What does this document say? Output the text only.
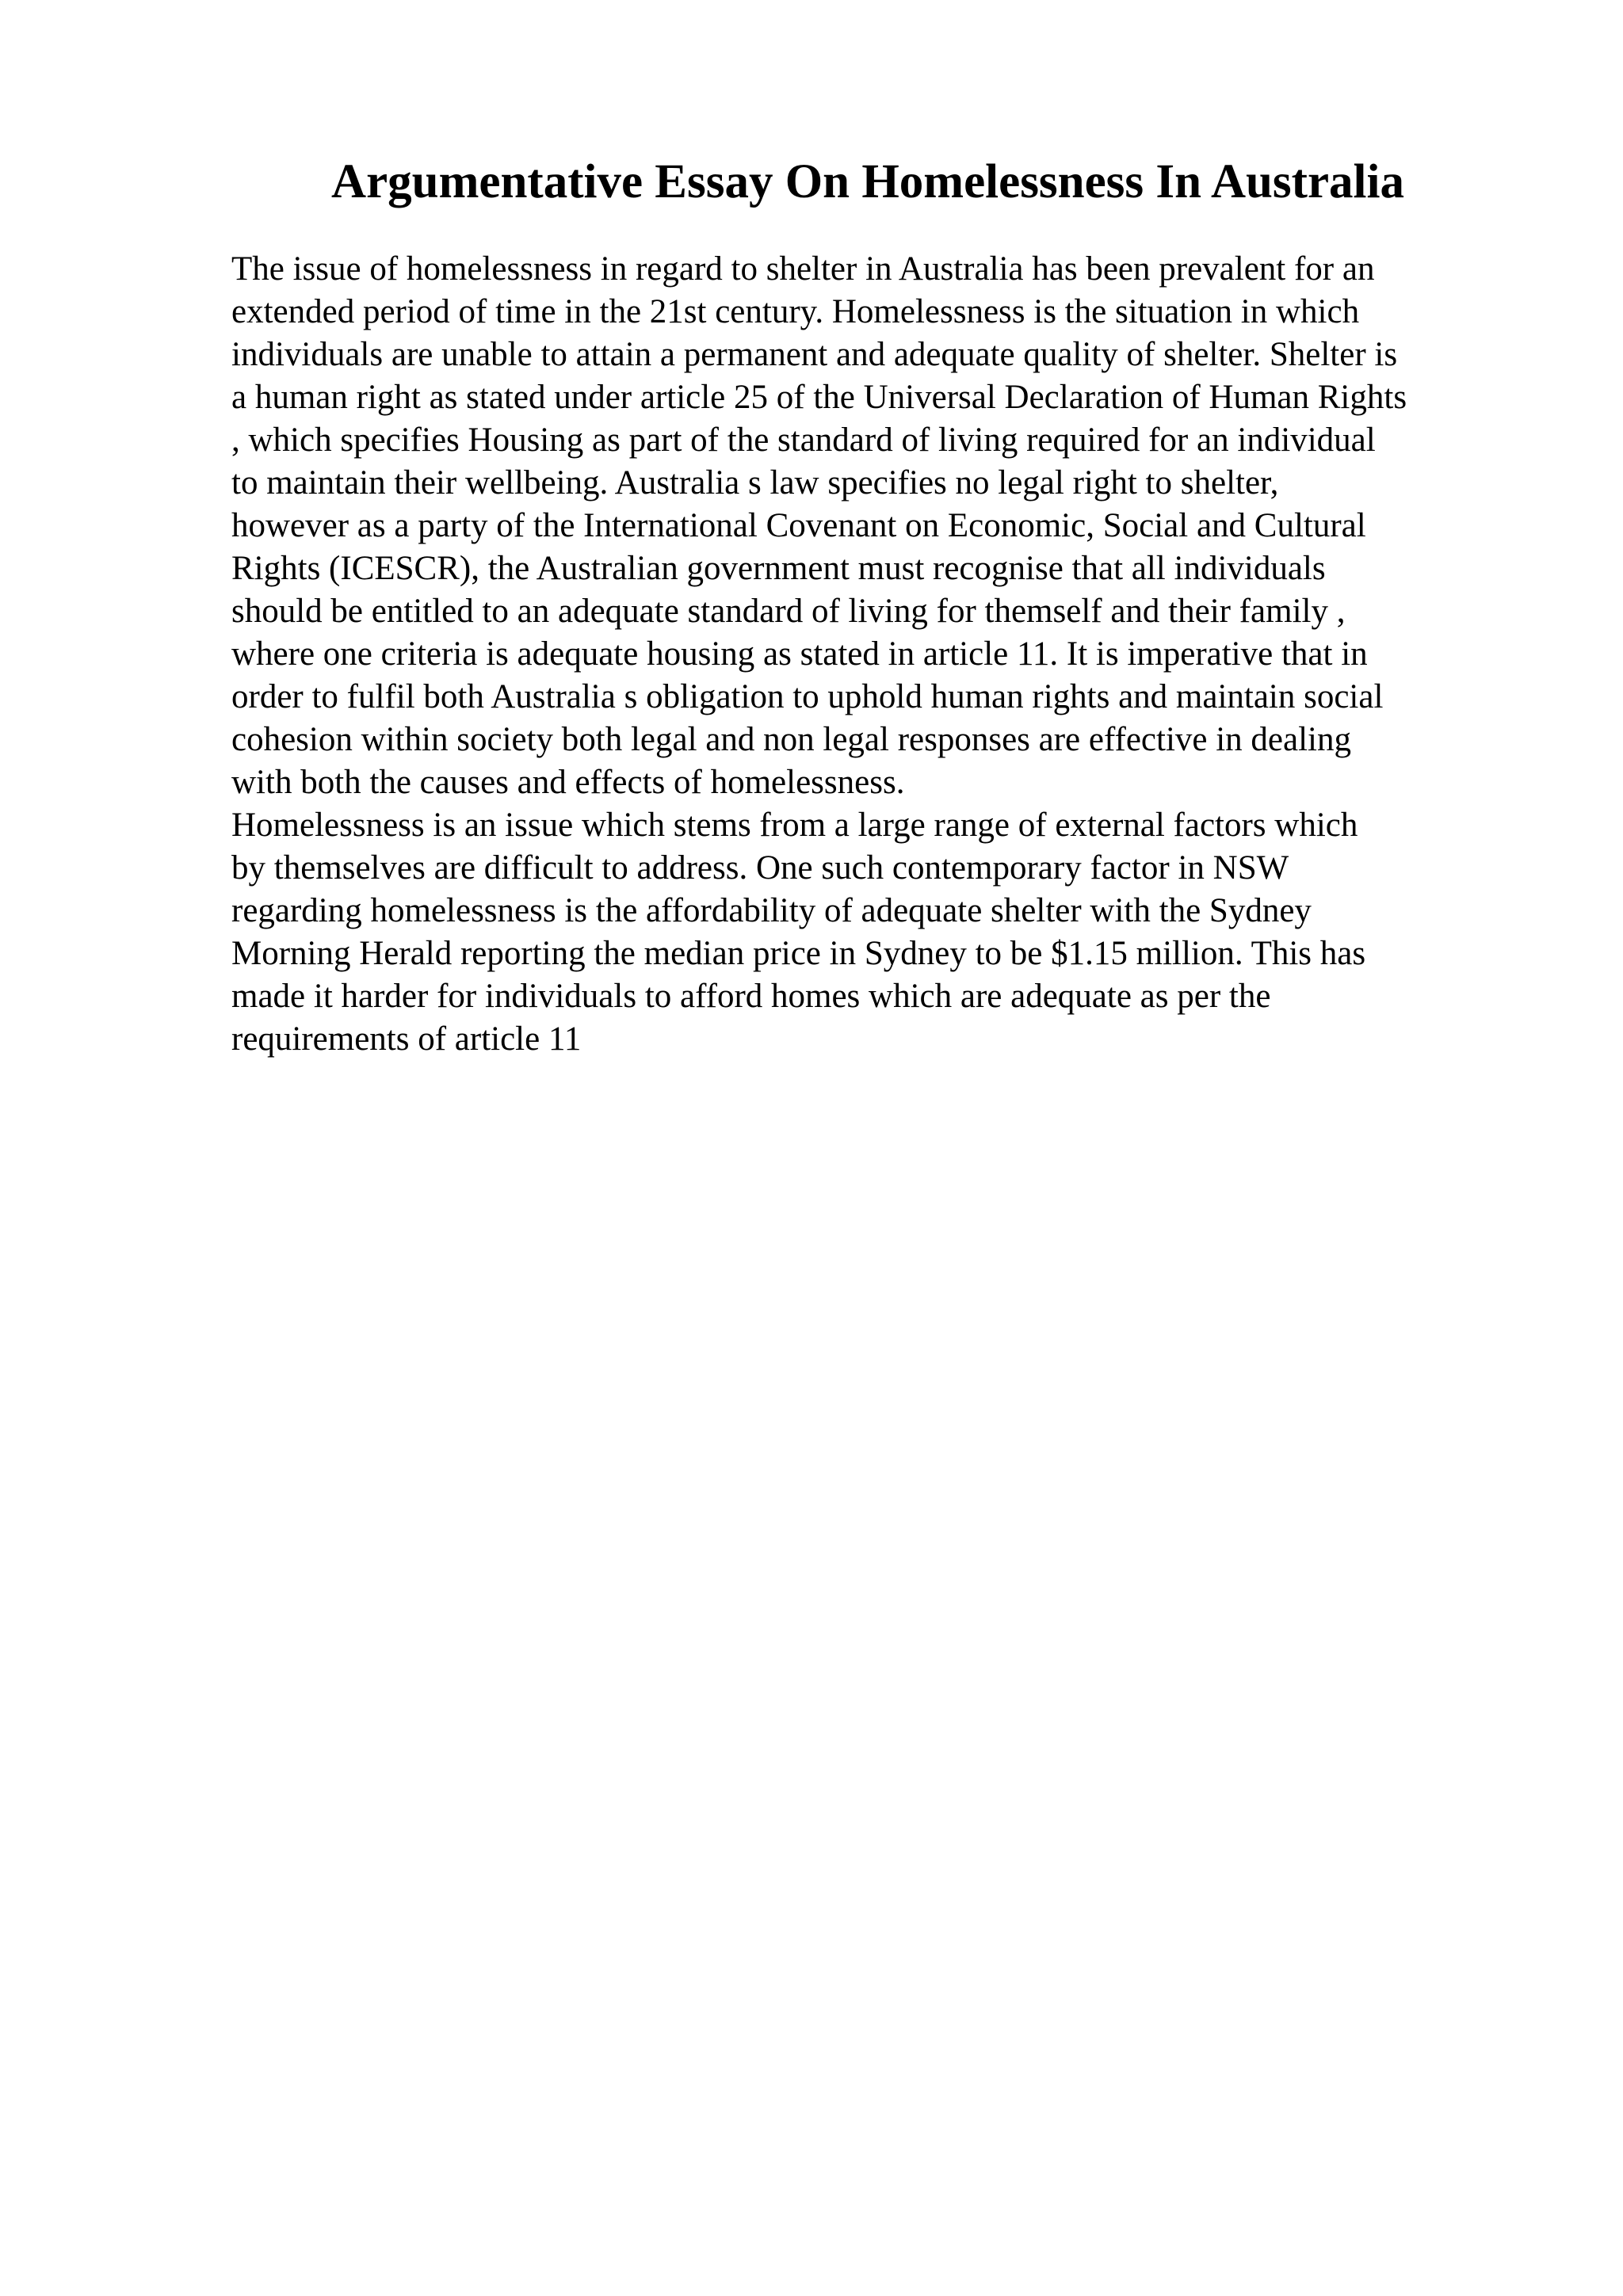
Argumentative Essay On Homelessness In Australia
The issue of homelessness in regard to shelter in Australia has been prevalent for an
extended period of time in the 21st century. Homelessness is the situation in which
individuals are unable to attain a permanent and adequate quality of shelter. Shelter is
a human right as stated under article 25 of the Universal Declaration of Human Rights
, which specifies Housing as part of the standard of living required for an individual
to maintain their wellbeing. Australia s law specifies no legal right to shelter,
however as a party of the International Covenant on Economic, Social and Cultural
Rights (ICESCR), the Australian government must recognise that all individuals
should be entitled to an adequate standard of living for themself and their family ,
where one criteria is adequate housing as stated in article 11. It is imperative that in
order to fulfil both Australia s obligation to uphold human rights and maintain social
cohesion within society both legal and non legal responses are effective in dealing
with both the causes and effects of homelessness.
Homelessness is an issue which stems from a large range of external factors which
by themselves are difficult to address. One such contemporary factor in NSW
regarding homelessness is the affordability of adequate shelter with the Sydney
Morning Herald reporting the median price in Sydney to be $1.15 million. This has
made it harder for individuals to afford homes which are adequate as per the
requirements of article 11
